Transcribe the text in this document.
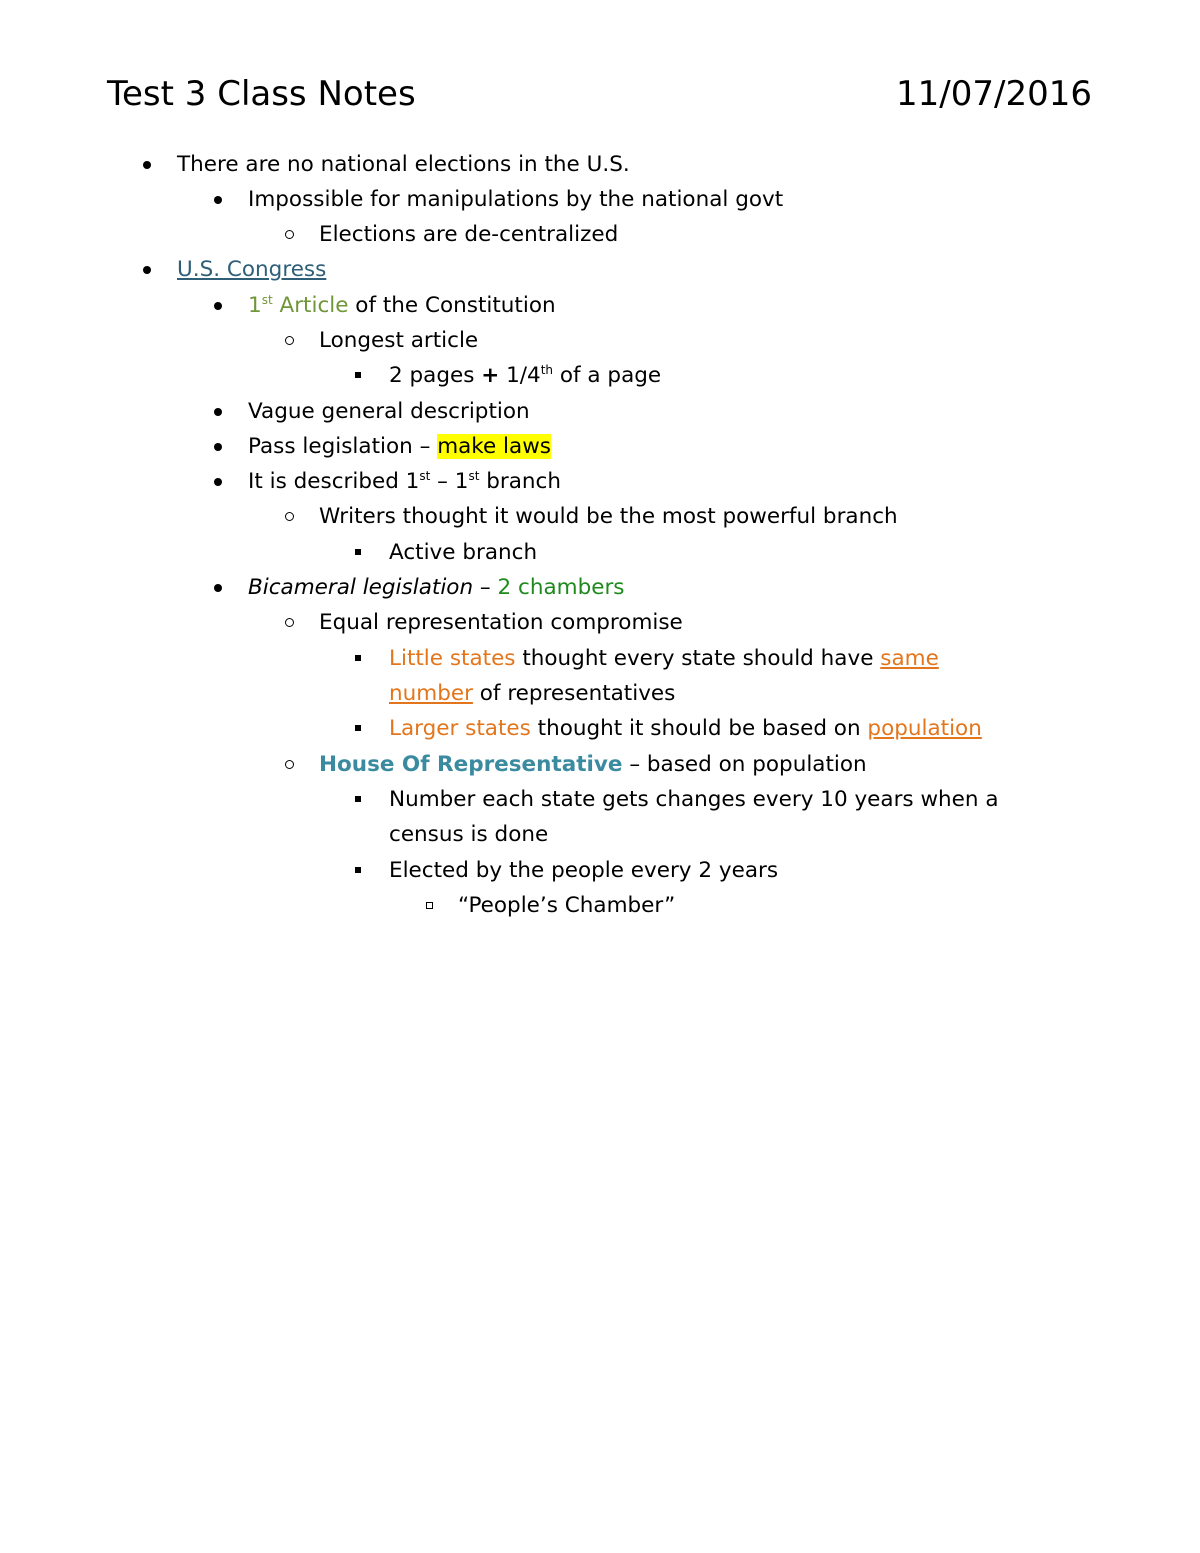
Test 3 Class Notes	11/07/2016
There are no national elections in the U.S.
Impossible for manipulations by the national govt
Elections are de-centralized
U.S. Congress
1st Article of the Constitution
Longest article
2 pages + 1/4th of a page
Vague general description
Pass legislation – make laws
It is described 1st – 1st branch
Writers thought it would be the most powerful branch
Active branch
Bicameral legislation – 2 chambers
Equal representation compromise
Little states thought every state should have same
number of representatives
Larger states thought it should be based on population
House Of Representative – based on population
Number each state gets changes every 10 years when a census is done
Elected by the people every 2 years
“People’s Chamber”
